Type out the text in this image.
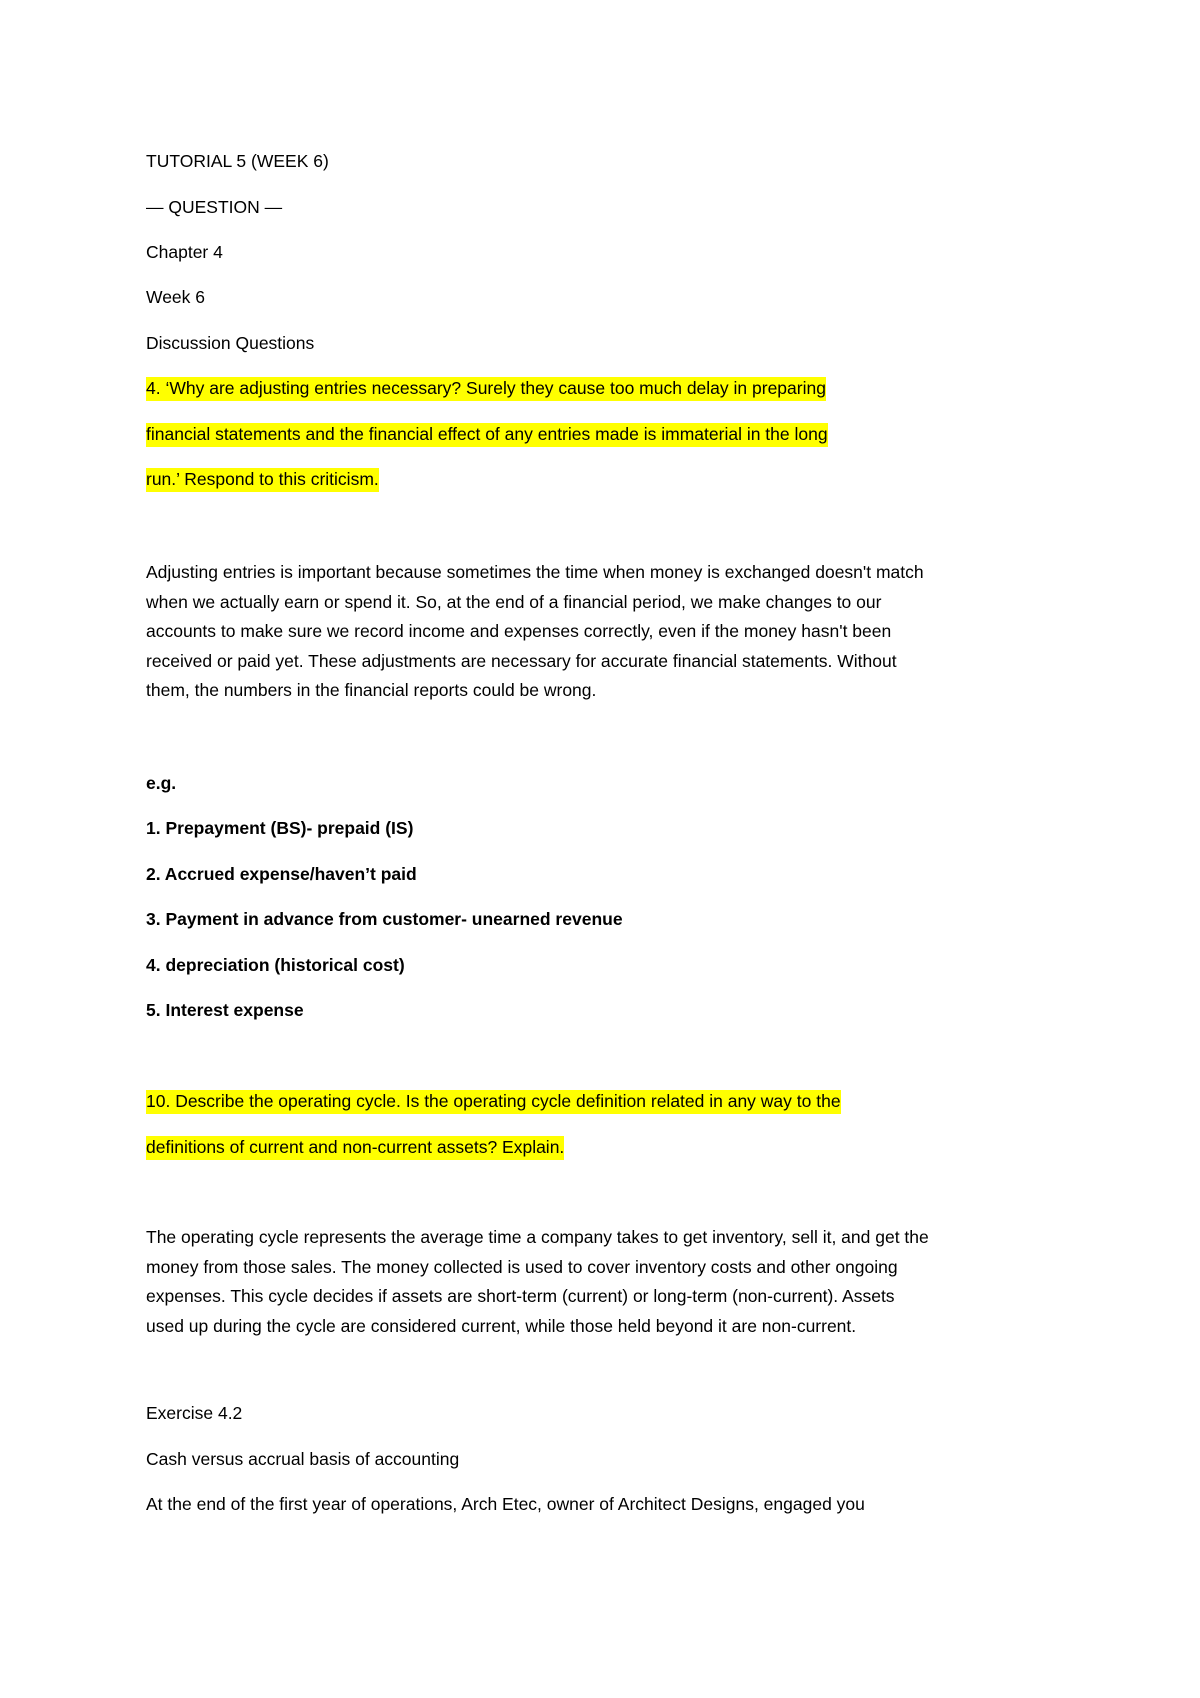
TUTORIAL 5 (WEEK 6)

— QUESTION —

Chapter 4

Week 6

Discussion Questions

4. ‘Why are adjusting entries necessary? Surely they cause too much delay in preparing

financial statements and the financial effect of any entries made is immaterial in the long

run.’ Respond to this criticism.

Adjusting entries is important because sometimes the time when money is exchanged doesn't match
when we actually earn or spend it. So, at the end of a financial period, we make changes to our
accounts to make sure we record income and expenses correctly, even if the money hasn't been
received or paid yet. These adjustments are necessary for accurate financial statements. Without
them, the numbers in the financial reports could be wrong.

e.g.

1. Prepayment (BS)- prepaid (IS)

2. Accrued expense/haven’t paid

3. Payment in advance from customer- unearned revenue

4. depreciation (historical cost)

5. Interest expense

10. Describe the operating cycle. Is the operating cycle definition related in any way to the

definitions of current and non-current assets? Explain.

The operating cycle represents the average time a company takes to get inventory, sell it, and get the
money from those sales. The money collected is used to cover inventory costs and other ongoing
expenses. This cycle decides if assets are short-term (current) or long-term (non-current). Assets
used up during the cycle are considered current, while those held beyond it are non-current.

Exercise 4.2

Cash versus accrual basis of accounting

At the end of the first year of operations, Arch Etec, owner of Architect Designs, engaged you
